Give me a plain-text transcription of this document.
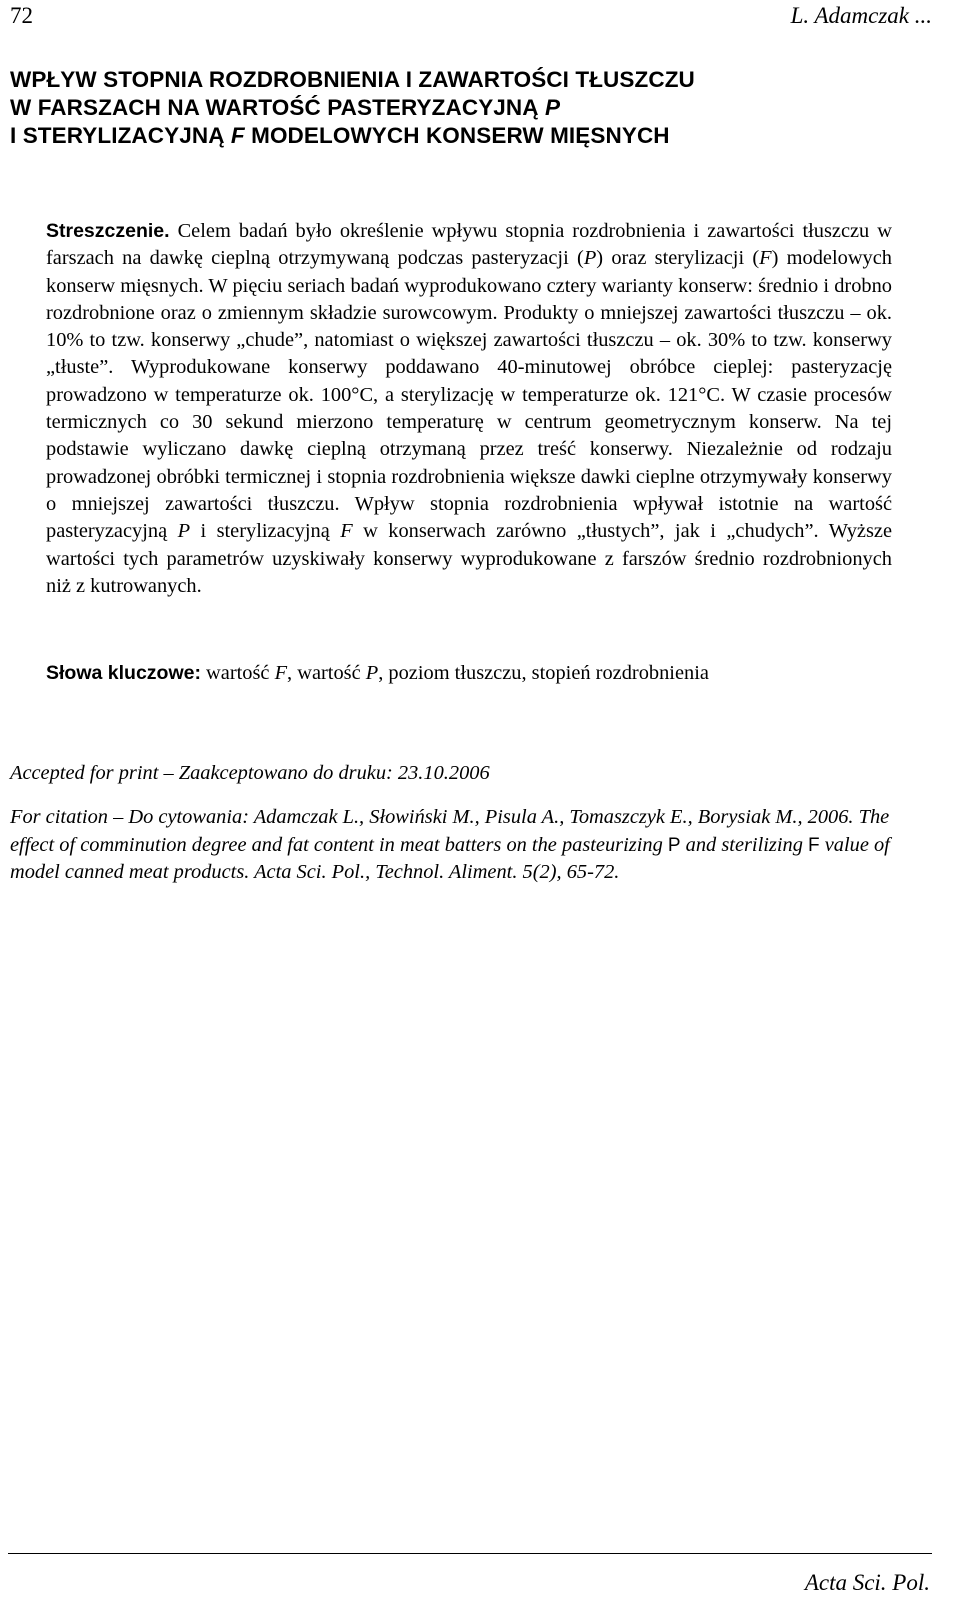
72	L. Adamczak ...
WPŁYW STOPNIA ROZDROBNIENIA I ZAWARTOŚCI TŁUSZCZU
W FARSZACH NA WARTOŚĆ PASTERYZACYJNĄ P
I STERYLIZACYJNĄ F MODELOWYCH KONSERW MIĘSNYCH
Streszczenie. Celem badań było określenie wpływu stopnia rozdrobnienia i zawartości tłuszczu w farszach na dawkę cieplną otrzymywaną podczas pasteryzacji (P) oraz sterylizacji (F) modelowych konserw mięsnych. W pięciu seriach badań wyprodukowano cztery warianty konserw: średnio i drobno rozdrobnione oraz o zmiennym składzie surowcowym. Produkty o mniejszej zawartości tłuszczu – ok. 10% to tzw. konserwy „chude”, natomiast o większej zawartości tłuszczu – ok. 30% to tzw. konserwy „tłuste”. Wyprodukowane konserwy poddawano 40-minutowej obróbce cieplej: pasteryzację prowadzono w temperaturze ok. 100°C, a sterylizację w temperaturze ok. 121°C. W czasie procesów termicznych co 30 sekund mierzono temperaturę w centrum geometrycznym konserw. Na tej podstawie wyliczano dawkę cieplną otrzymaną przez treść konserwy. Niezależnie od rodzaju prowadzonej obróbki termicznej i stopnia rozdrobnienia większe dawki cieplne otrzymywały konserwy o mniejszej zawartości tłuszczu. Wpływ stopnia rozdrobnienia wpływał istotnie na wartość pasteryzacyjną P i sterylizacyjną F w konserwach zarówno „tłustych”, jak i „chudych”. Wyższe wartości tych parametrów uzyskiwały konserwy wyprodukowane z farszów średnio rozdrobnionych niż z kutrowanych.
Słowa kluczowe: wartość F, wartość P, poziom tłuszczu, stopień rozdrobnienia
Accepted for print – Zaakceptowano do druku: 23.10.2006
For citation – Do cytowania: Adamczak L., Słowiński M., Pisula A., Tomaszczyk E., Borysiak M., 2006. The effect of comminution degree and fat content in meat batters on the pasteurizing P and sterilizing F value of model canned meat products. Acta Sci. Pol., Technol. Aliment. 5(2), 65-72.
Acta Sci. Pol.
